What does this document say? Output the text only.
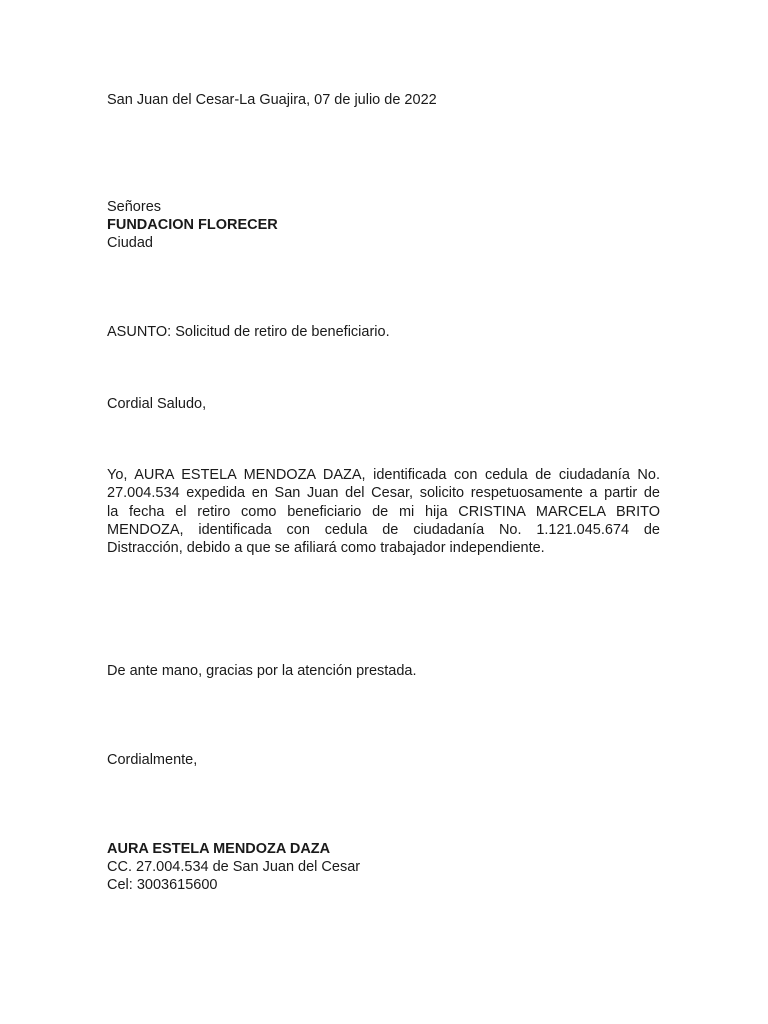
San Juan del Cesar-La Guajira, 07 de julio de 2022
Señores
FUNDACION FLORECER
Ciudad
ASUNTO: Solicitud de retiro de beneficiario.
Cordial Saludo,
Yo, AURA ESTELA MENDOZA DAZA, identificada con cedula de ciudadanía No.
27.004.534 expedida en San Juan del Cesar, solicito respetuosamente a partir de
la fecha el retiro como beneficiario de mi hija CRISTINA MARCELA BRITO
MENDOZA, identificada con cedula de ciudadanía No. 1.121.045.674 de
Distracción, debido a que se afiliará como trabajador independiente.
De ante mano, gracias por la atención prestada.
Cordialmente,
AURA ESTELA MENDOZA DAZA
CC. 27.004.534 de San Juan del Cesar
Cel: 3003615600
